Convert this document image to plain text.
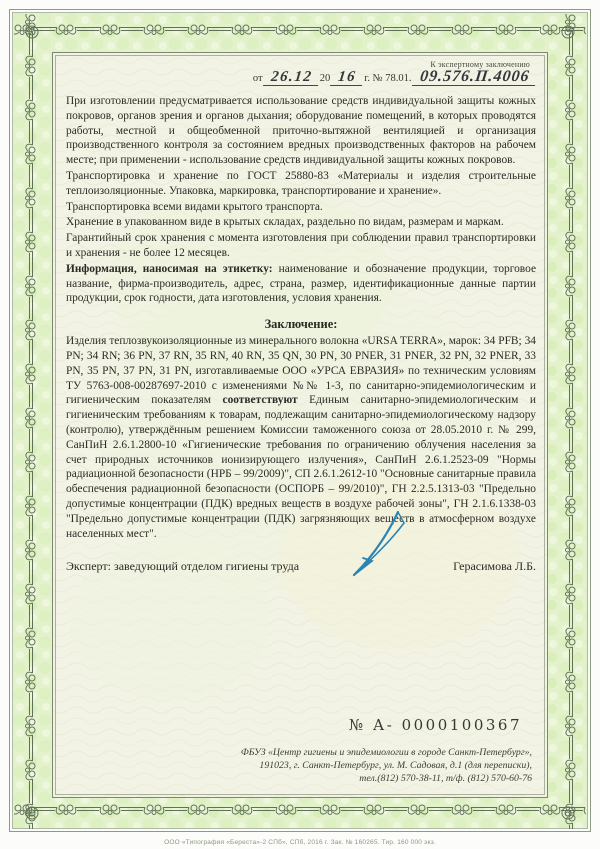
К экспертному заключению
от 26.12 20 16 г. № 78.01. 09.576.П.4006

При изготовлении предусматривается использование средств индивидуальной защиты кожных покровов, органов зрения и органов дыхания; оборудование помещений, в которых проводятся работы, местной и общеобменной приточно-вытяжной вентиляцией и организация производственного контроля за состоянием вредных производственных факторов на рабочем месте; при применении - использование средств индивидуальной защиты кожных покровов.

Транспортировка и хранение по ГОСТ 25880-83 «Материалы и изделия строительные теплоизоляционные. Упаковка, маркировка, транспортирование и хранение».

Транспортировка всеми видами крытого транспорта.

Хранение в упакованном виде в крытых складах, раздельно по видам, размерам и маркам.

Гарантийный срок хранения с момента изготовления при соблюдении правил транспортировки и хранения - не более 12 месяцев.

Информация, наносимая на этикетку: наименование и обозначение продукции, торговое название, фирма-производитель, адрес, страна, размер, идентификационные данные партии продукции, срок годности, дата изготовления, условия хранения.

Заключение:

Изделия теплозвукоизоляционные из минерального волокна «URSA TERRA», марок: 34 PFB; 34 PN; 34 RN; 36 PN, 37 RN, 35 RN, 40 RN, 35 QN, 30 PN, 30 PNER, 31 PNER, 32 PN, 32 PNER, 33 PN, 35 PN, 37 PN, 31 PN, изготавливаемые ООО «УРСА ЕВРАЗИЯ» по техническим условиям ТУ 5763-008-00287697-2010 с изменениями №№ 1-3, по санитарно-эпидемиологическим и гигиеническим показателям соответствуют Единым санитарно-эпидемиологическим и гигиеническим требованиям к товарам, подлежащим санитарно-эпидемиологическому надзору (контролю), утверждённым решением Комиссии таможенного союза от 28.05.2010 г. № 299, СанПиН 2.6.1.2800-10 «Гигиенические требования по ограничению облучения населения за счет природных источников ионизирующего излучения», СанПиН 2.6.1.2523-09 "Нормы радиационной безопасности (НРБ – 99/2009)", СП 2.6.1.2612-10 "Основные санитарные правила обеспечения радиационной безопасности (ОСПОРБ – 99/2010)", ГН 2.2.5.1313-03 "Предельно допустимые концентрации (ПДК) вредных веществ в воздухе рабочей зоны", ГН 2.1.6.1338-03 "Предельно допустимые концентрации (ПДК) загрязняющих веществ в атмосферном воздухе населенных мест".

Эксперт: заведующий отделом гигиены труда	Герасимова Л.Б.
№ А- 0000100367
ФБУЗ «Центр гигиены и эпидемиологии в городе Санкт-Петербург»,
191023, г. Санкт-Петербург, ул. М. Садовая, д.1 (для переписки),
тел.(812) 570-38-11, т/ф. (812) 570-60-76
ООО «Типография «Береста»-2 СПб», СПб, 2016 г. Зак. № 160265. Тир. 160 000 экз.
